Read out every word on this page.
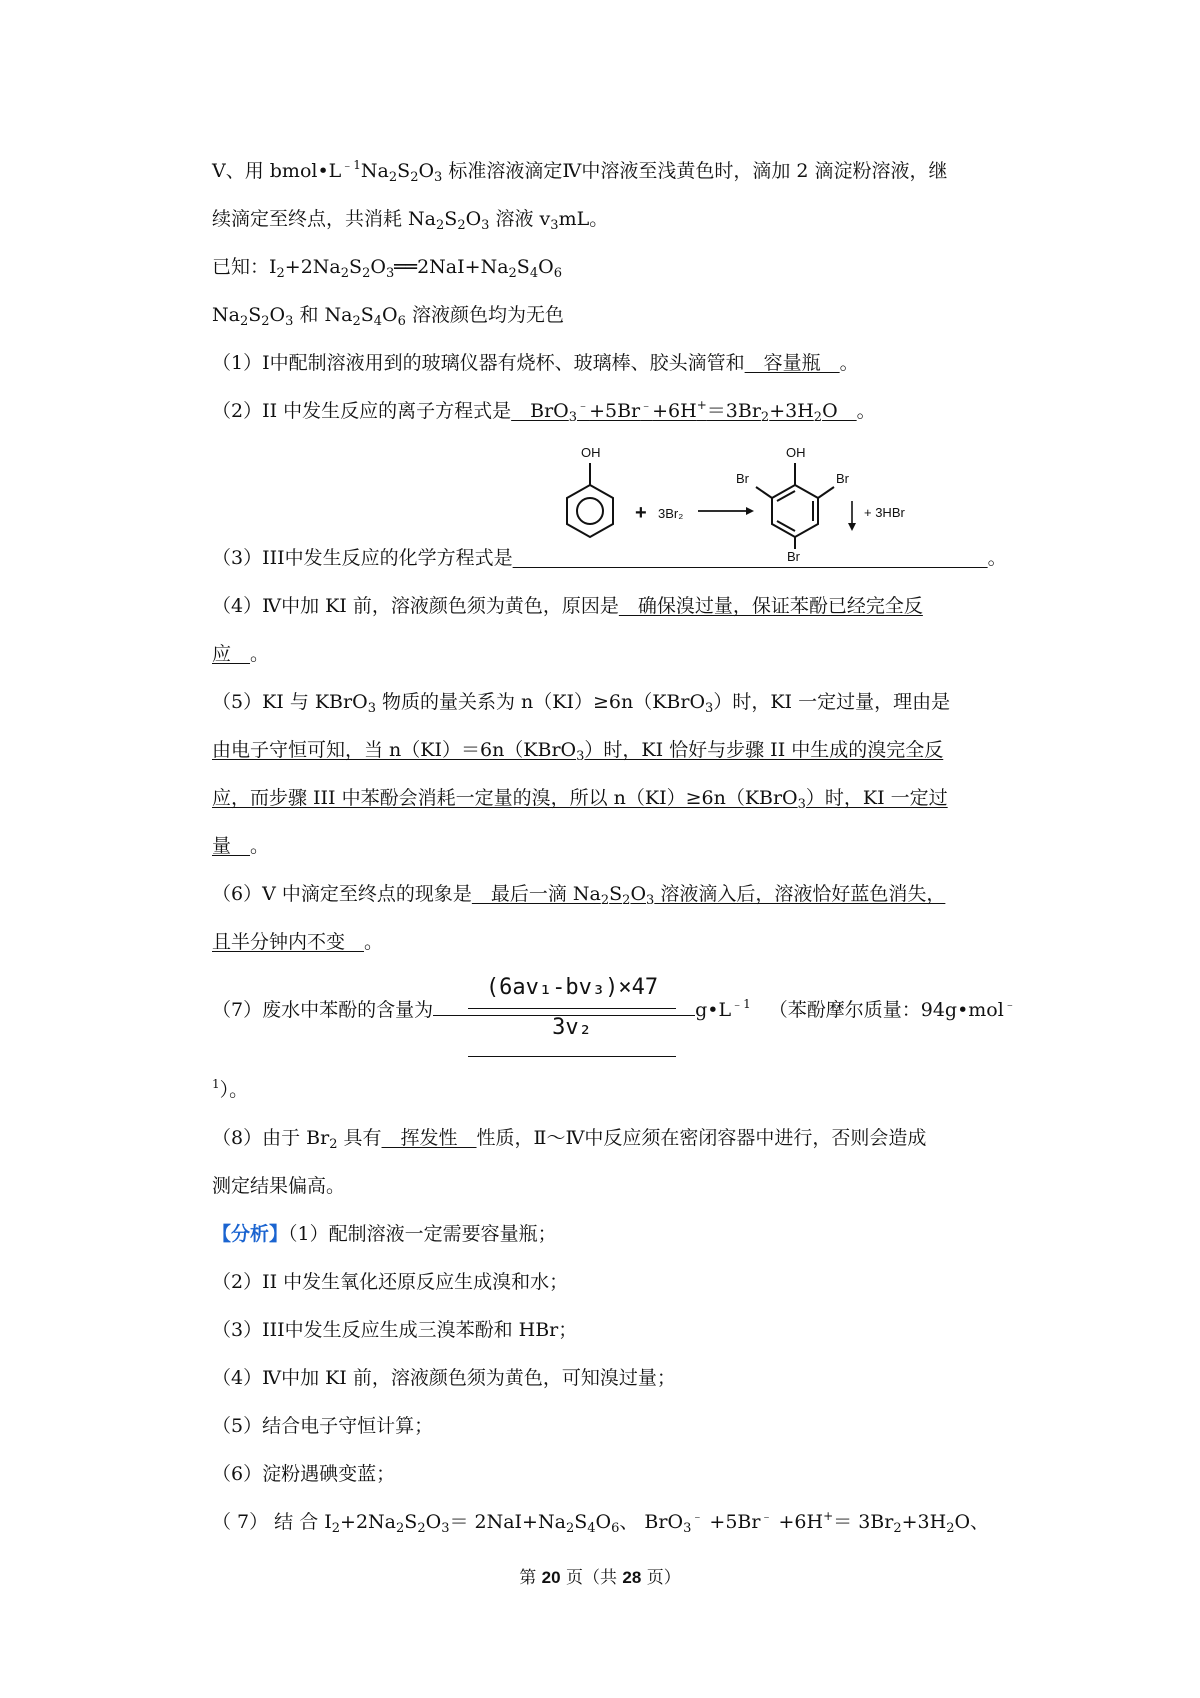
Ⅴ、用 $bmol•L^{﹣1}Na_2S_2O_3$ 标准溶液滴定Ⅳ中溶液至浅黄色时，滴加 2 滴淀粉溶液，继
续滴定至终点，共消耗 $Na_2S_2O_3$ 溶液 $v_3mL$。
已知：$I_2+2Na_2S_2O_3══2NaI+Na_2S_4O_6$
$Na_2S_2O_3$ 和 $Na_2S_4O_6$ 溶液颜色均为无色
（1）Ⅰ中配制溶液用到的玻璃仪器有烧杯、玻璃棒、胶头滴管和　容量瓶　。
（2）II 中发生反应的离子方程式是　$BrO_3^﹣+5Br^﹣+6H^+=3Br_2+3H_2O$　。
OH
+ 3Br₂
OH
Br	Br
Br
+ 3HBr
（3）III中发生反应的化学方程式是　　　　　　　　　　　　　　　　　　　　　　　　　	。
（4）Ⅳ中加 KI 前，溶液颜色须为黄色，原因是　确保溴过量，保证苯酚已经完全反
应　。
（5）KI 与 KBrO$_3$ 物质的量关系为 n（KI）≥6n（KBrO$_3$）时，KI 一定过量，理由是
由电子守恒可知，当 n（KI）＝6n（KBrO$_3$）时，KI 恰好与步骤 II 中生成的溴完全反
应，而步骤 III 中苯酚会消耗一定量的溴，所以 n（KI）≥6n（KBrO$_3$）时，KI 一定过
量　。
（6）V 中滴定至终点的现象是　最后一滴 $Na_2S_2O_3$ 溶液滴入后，溶液恰好蓝色消失，
且半分钟内不变　。
（7）废水中苯酚的含量为	$g•L^{﹣1}$ （苯酚摩尔质量：94g•mol﹣
(6av₁-bv₃)×47
3v₂
$^1$）。
（8）由于 $Br_2$ 具有　挥发性　性质，Ⅱ～Ⅳ中反应须在密闭容器中进行，否则会造成
测定结果偏高。
【分析】（1）配制溶液一定需要容量瓶；
（2）II 中发生氧化还原反应生成溴和水；
（3）III中发生反应生成三溴苯酚和 HBr；
（4）Ⅳ中加 KI 前，溶液颜色须为黄色，可知溴过量；
（5）结合电子守恒计算；
（6）淀粉遇碘变蓝；
（ 7） 结 合 $I_2+2Na_2S_2O_3= 2NaI+Na_2S_4O_6$、 $BrO_3^﹣ +5Br^﹣ +6H^+= 3Br_2+3H_2O$、
第 20 页（共 28 页）
